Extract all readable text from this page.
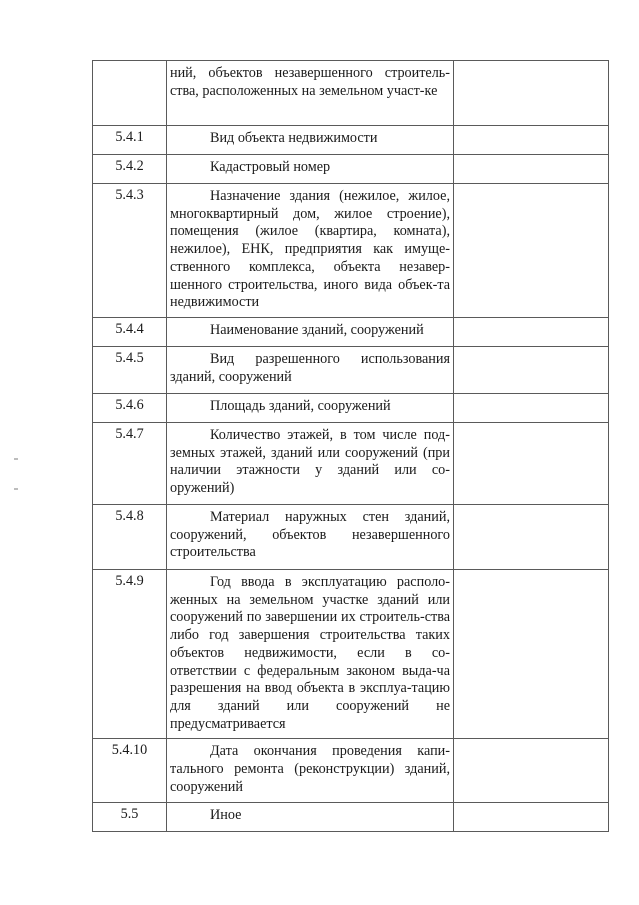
	ний, объектов незавершенного строитель-ства, расположенных на земельном участ-ке	

5.4.1	Вид объекта недвижимости	

5.4.2	Кадастровый номер	

5.4.3	Назначение здания (нежилое, жилое, многоквартирный дом, жилое строение), помещения (жилое (квартира, комната), нежилое), ЕНК, предприятия как имуще-ственного комплекса, объекта незавер-шенного строительства, иного вида объек-та недвижимости	

5.4.4	Наименование зданий, сооружений	

5.4.5	Вид разрешенного использования зданий, сооружений	

5.4.6	Площадь зданий, сооружений	

5.4.7	Количество этажей, в том числе под-земных этажей, зданий или сооружений (при наличии этажности у зданий или со-оружений)	

5.4.8	Материал наружных стен зданий, сооружений, объектов незавершенного строительства	

5.4.9	Год ввода в эксплуатацию располо-женных на земельном участке зданий или сооружений по завершении их строитель-ства либо год завершения строительства таких объектов недвижимости, если в со-ответствии с федеральным законом выда-ча разрешения на ввод объекта в эксплуа-тацию для зданий или сооружений не предусматривается	

5.4.10	Дата окончания проведения капи-тального ремонта (реконструкции) зданий, сооружений	

5.5	Иное	
